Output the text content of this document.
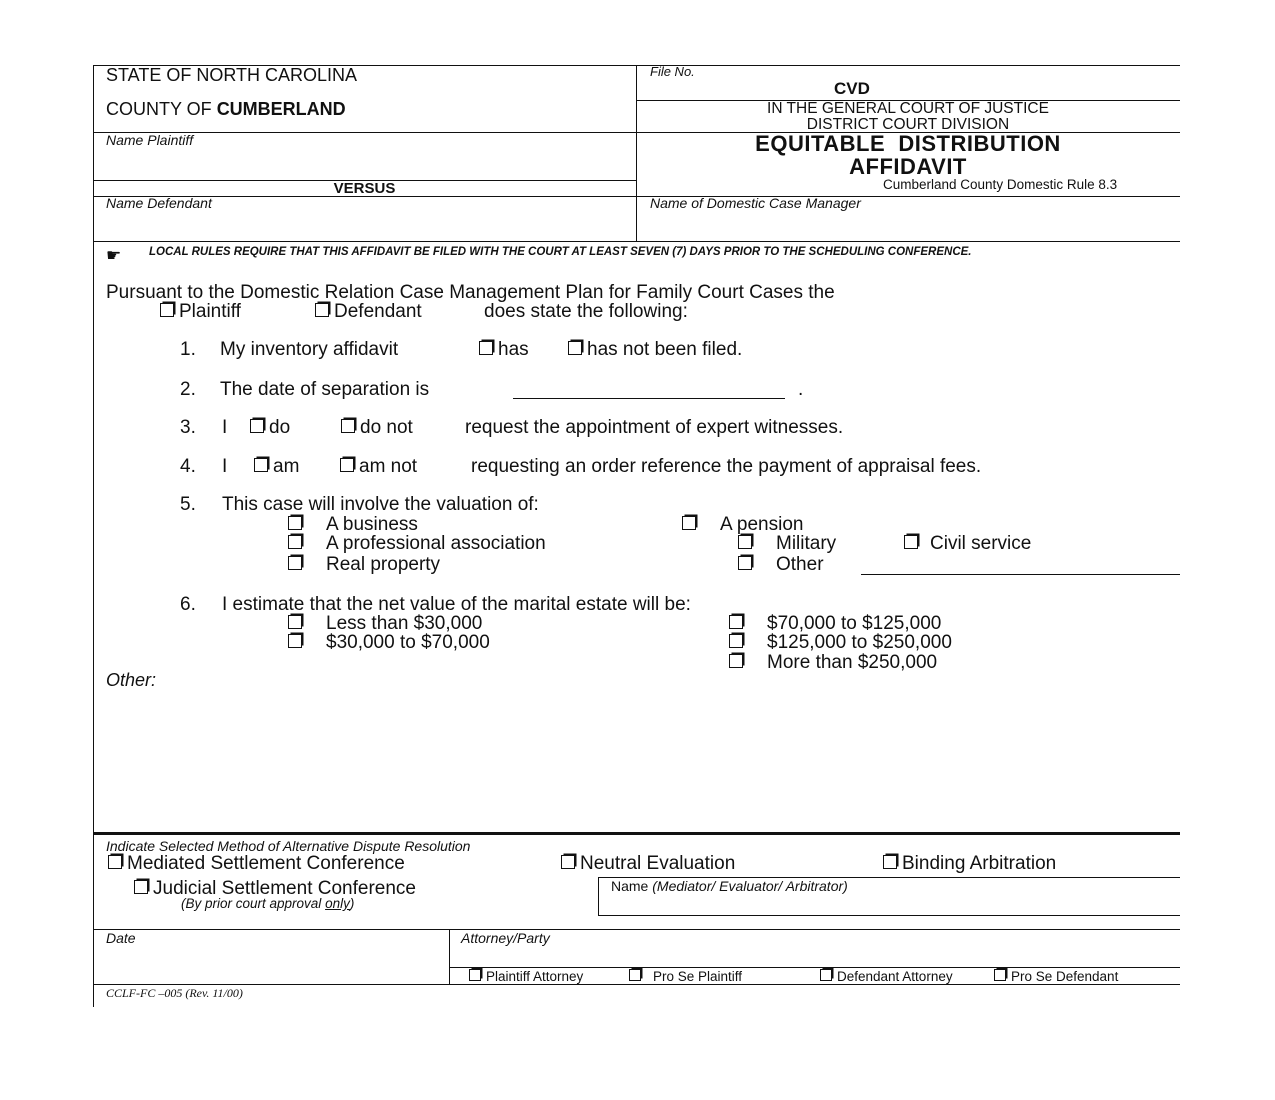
STATE OF NORTH CAROLINA
COUNTY OF CUMBERLAND
File No.
CVD
IN THE GENERAL COURT OF JUSTICE
DISTRICT COURT DIVISION
Name Plaintiff
VERSUS
Name Defendant
EQUITABLE  DISTRIBUTION
AFFIDAVIT
Cumberland County Domestic Rule 8.3
Name of Domestic Case Manager
☛ LOCAL RULES REQUIRE THAT THIS AFFIDAVIT BE FILED WITH THE COURT AT LEAST SEVEN (7) DAYS PRIOR TO THE SCHEDULING CONFERENCE.
Pursuant to the Domestic Relation Case Management Plan for Family Court Cases the
Plaintiff	Defendant	does state the following:
1. My inventory affidavit	has	has not been filed.
2. The date of separation is	.
3. I	do	do not	request the appointment of expert witnesses.
4. I	am	am not	requesting an order reference the payment of appraisal fees.
5. This case will involve the valuation of:
A business
A professional association
Real property
A pension
Military	Civil service
Other
6. I estimate that the net value of the marital estate will be:
Less than $30,000
$30,000 to $70,000
$70,000 to $125,000
$125,000 to $250,000
More than $250,000
Other:
Indicate Selected Method of Alternative Dispute Resolution
Mediated Settlement Conference	Neutral Evaluation	Binding Arbitration
Judicial Settlement Conference
(By prior court approval only)
Name (Mediator/ Evaluator/ Arbitrator)
Date	Attorney/Party
Plaintiff Attorney	Pro Se Plaintiff	Defendant Attorney	Pro Se Defendant
CCLF-FC –005 (Rev. 11/00)
